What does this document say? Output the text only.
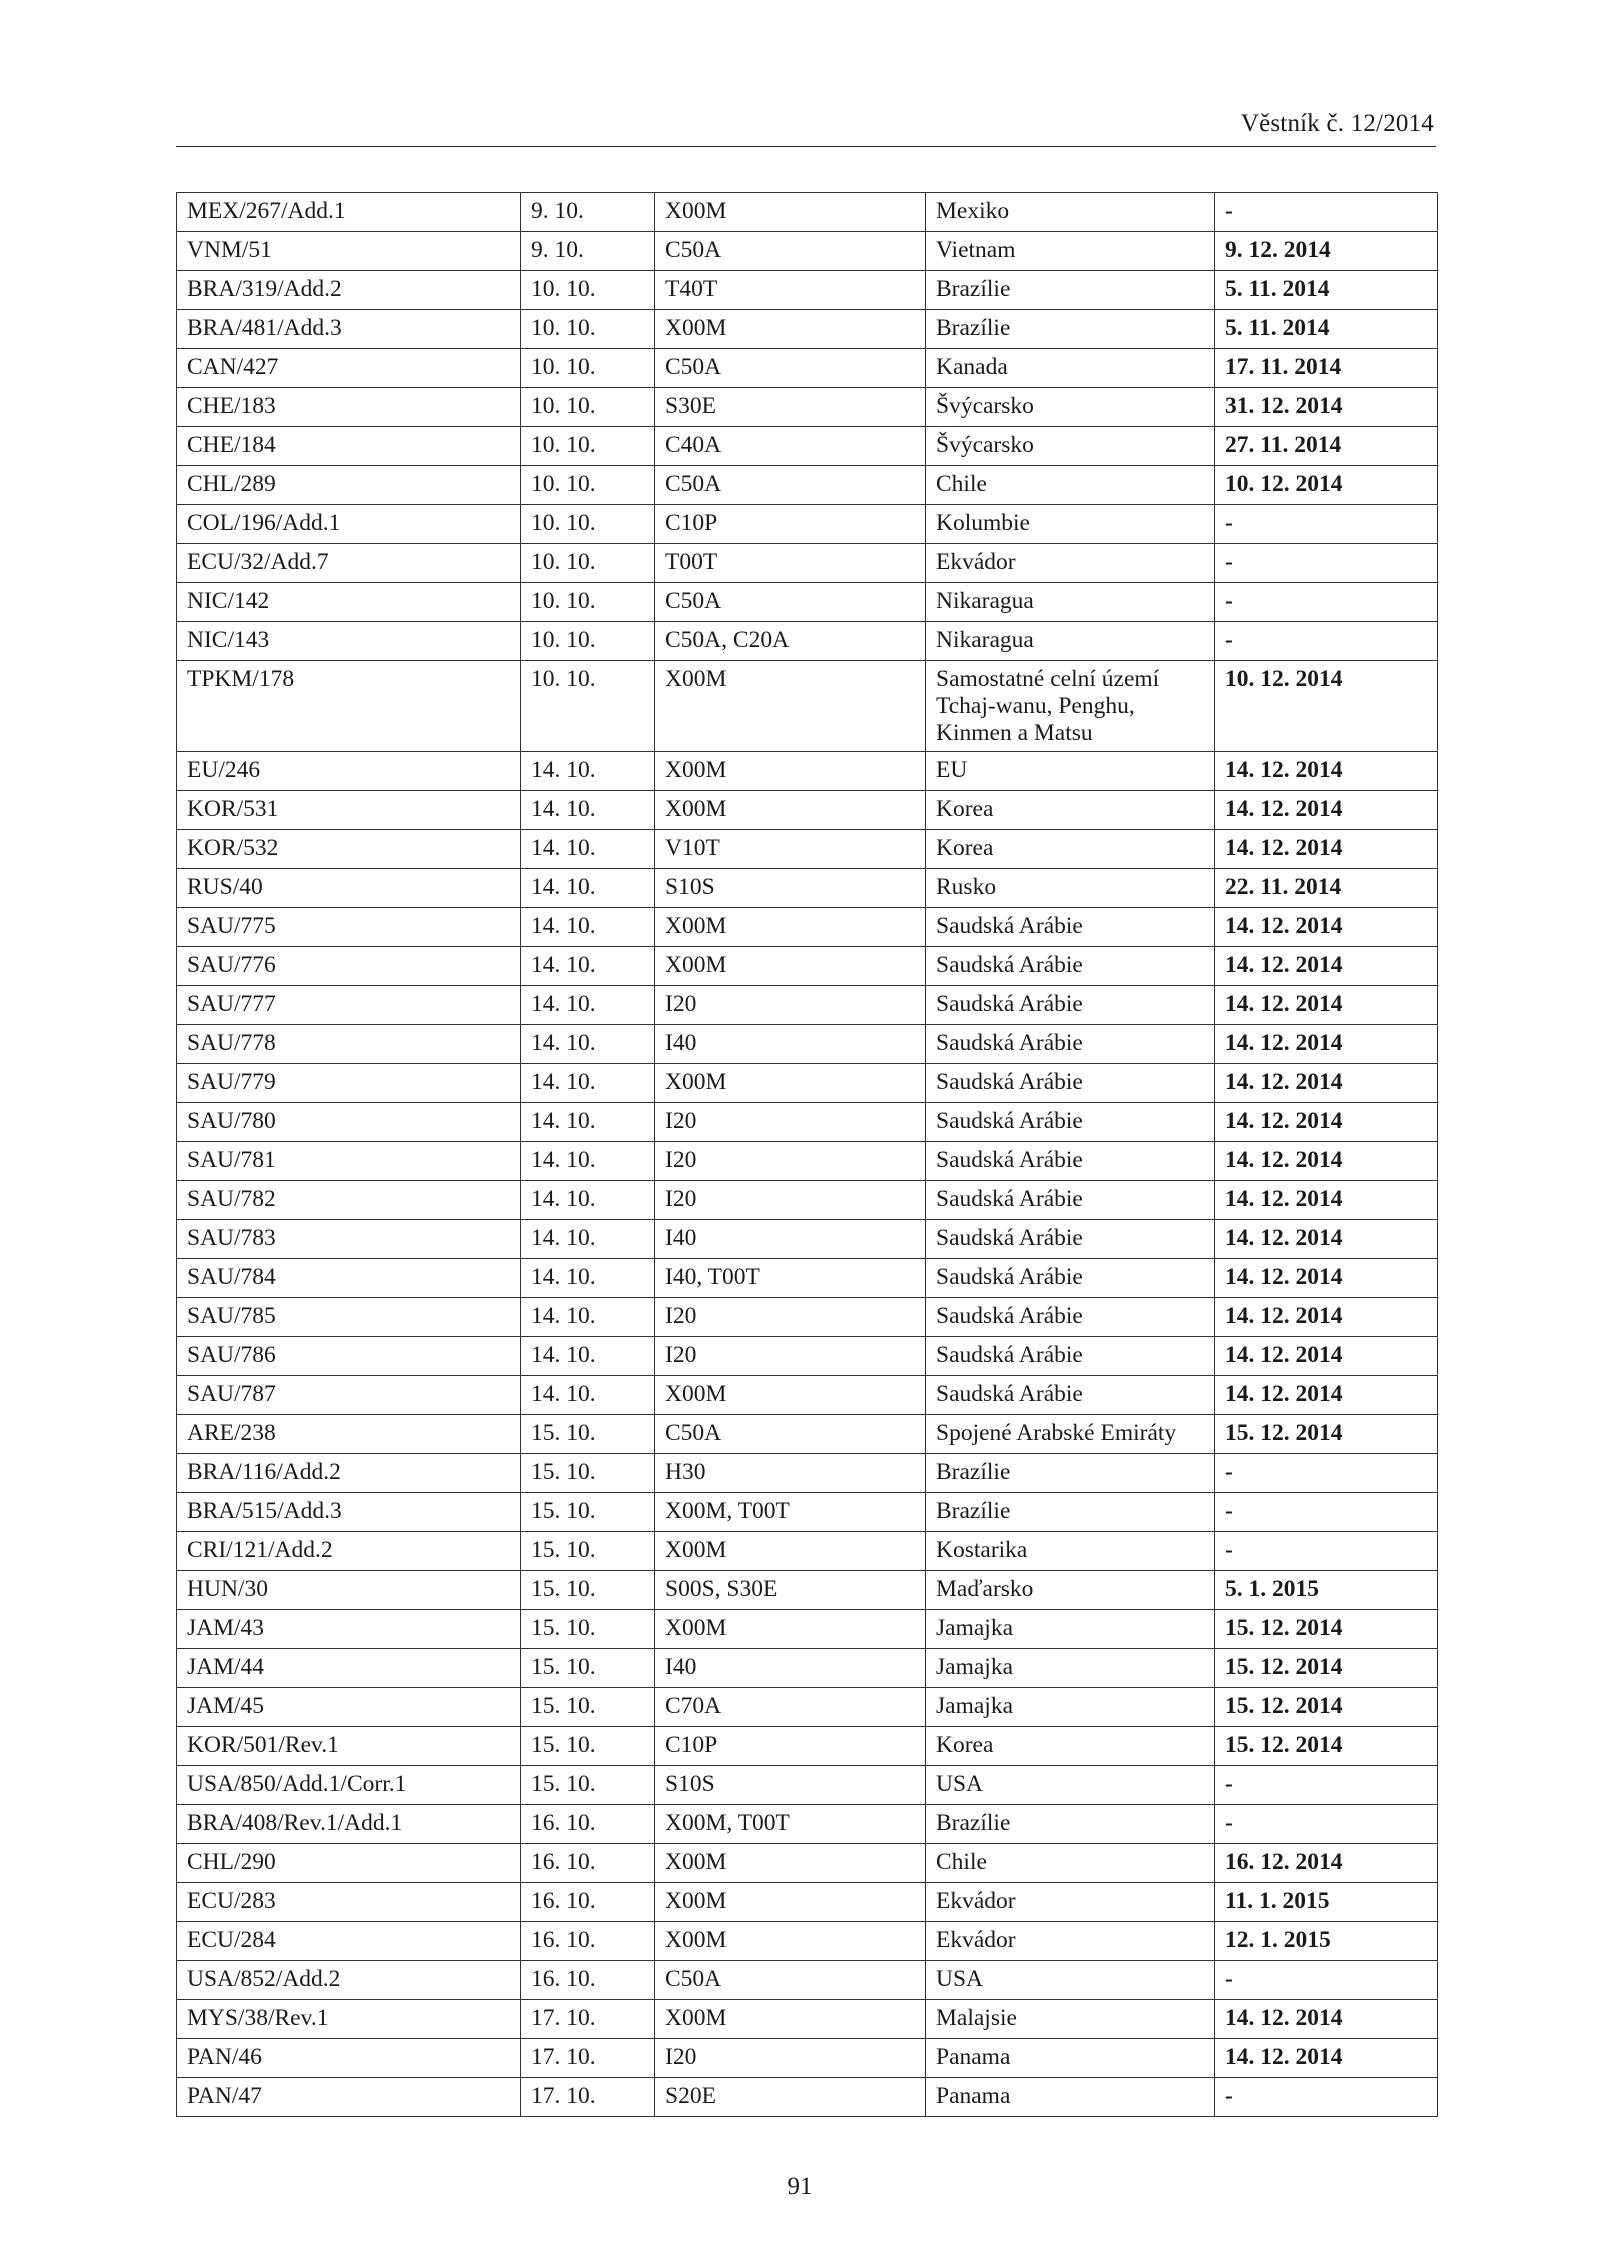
Věstník č. 12/2014
MEX/267/Add.1	9. 10.	X00M	Mexiko	-
VNM/51	9. 10.	C50A	Vietnam	9. 12. 2014
BRA/319/Add.2	10. 10.	T40T	Brazílie	5. 11. 2014
BRA/481/Add.3	10. 10.	X00M	Brazílie	5. 11. 2014
CAN/427	10. 10.	C50A	Kanada	17. 11. 2014
CHE/183	10. 10.	S30E	Švýcarsko	31. 12. 2014
CHE/184	10. 10.	C40A	Švýcarsko	27. 11. 2014
CHL/289	10. 10.	C50A	Chile	10. 12. 2014
COL/196/Add.1	10. 10.	C10P	Kolumbie	-
ECU/32/Add.7	10. 10.	T00T	Ekvádor	-
NIC/142	10. 10.	C50A	Nikaragua	-
NIC/143	10. 10.	C50A, C20A	Nikaragua	-
TPKM/178	10. 10.	X00M	Samostatné celní území Tchaj-wanu, Penghu, Kinmen a Matsu	10. 12. 2014
EU/246	14. 10.	X00M	EU	14. 12. 2014
KOR/531	14. 10.	X00M	Korea	14. 12. 2014
KOR/532	14. 10.	V10T	Korea	14. 12. 2014
RUS/40	14. 10.	S10S	Rusko	22. 11. 2014
SAU/775	14. 10.	X00M	Saudská Arábie	14. 12. 2014
SAU/776	14. 10.	X00M	Saudská Arábie	14. 12. 2014
SAU/777	14. 10.	I20	Saudská Arábie	14. 12. 2014
SAU/778	14. 10.	I40	Saudská Arábie	14. 12. 2014
SAU/779	14. 10.	X00M	Saudská Arábie	14. 12. 2014
SAU/780	14. 10.	I20	Saudská Arábie	14. 12. 2014
SAU/781	14. 10.	I20	Saudská Arábie	14. 12. 2014
SAU/782	14. 10.	I20	Saudská Arábie	14. 12. 2014
SAU/783	14. 10.	I40	Saudská Arábie	14. 12. 2014
SAU/784	14. 10.	I40, T00T	Saudská Arábie	14. 12. 2014
SAU/785	14. 10.	I20	Saudská Arábie	14. 12. 2014
SAU/786	14. 10.	I20	Saudská Arábie	14. 12. 2014
SAU/787	14. 10.	X00M	Saudská Arábie	14. 12. 2014
ARE/238	15. 10.	C50A	Spojené Arabské Emiráty	15. 12. 2014
BRA/116/Add.2	15. 10.	H30	Brazílie	-
BRA/515/Add.3	15. 10.	X00M, T00T	Brazílie	-
CRI/121/Add.2	15. 10.	X00M	Kostarika	-
HUN/30	15. 10.	S00S, S30E	Maďarsko	5. 1. 2015
JAM/43	15. 10.	X00M	Jamajka	15. 12. 2014
JAM/44	15. 10.	I40	Jamajka	15. 12. 2014
JAM/45	15. 10.	C70A	Jamajka	15. 12. 2014
KOR/501/Rev.1	15. 10.	C10P	Korea	15. 12. 2014
USA/850/Add.1/Corr.1	15. 10.	S10S	USA	-
BRA/408/Rev.1/Add.1	16. 10.	X00M, T00T	Brazílie	-
CHL/290	16. 10.	X00M	Chile	16. 12. 2014
ECU/283	16. 10.	X00M	Ekvádor	11. 1. 2015
ECU/284	16. 10.	X00M	Ekvádor	12. 1. 2015
USA/852/Add.2	16. 10.	C50A	USA	-
MYS/38/Rev.1	17. 10.	X00M	Malajsie	14. 12. 2014
PAN/46	17. 10.	I20	Panama	14. 12. 2014
PAN/47	17. 10.	S20E	Panama	-
91
